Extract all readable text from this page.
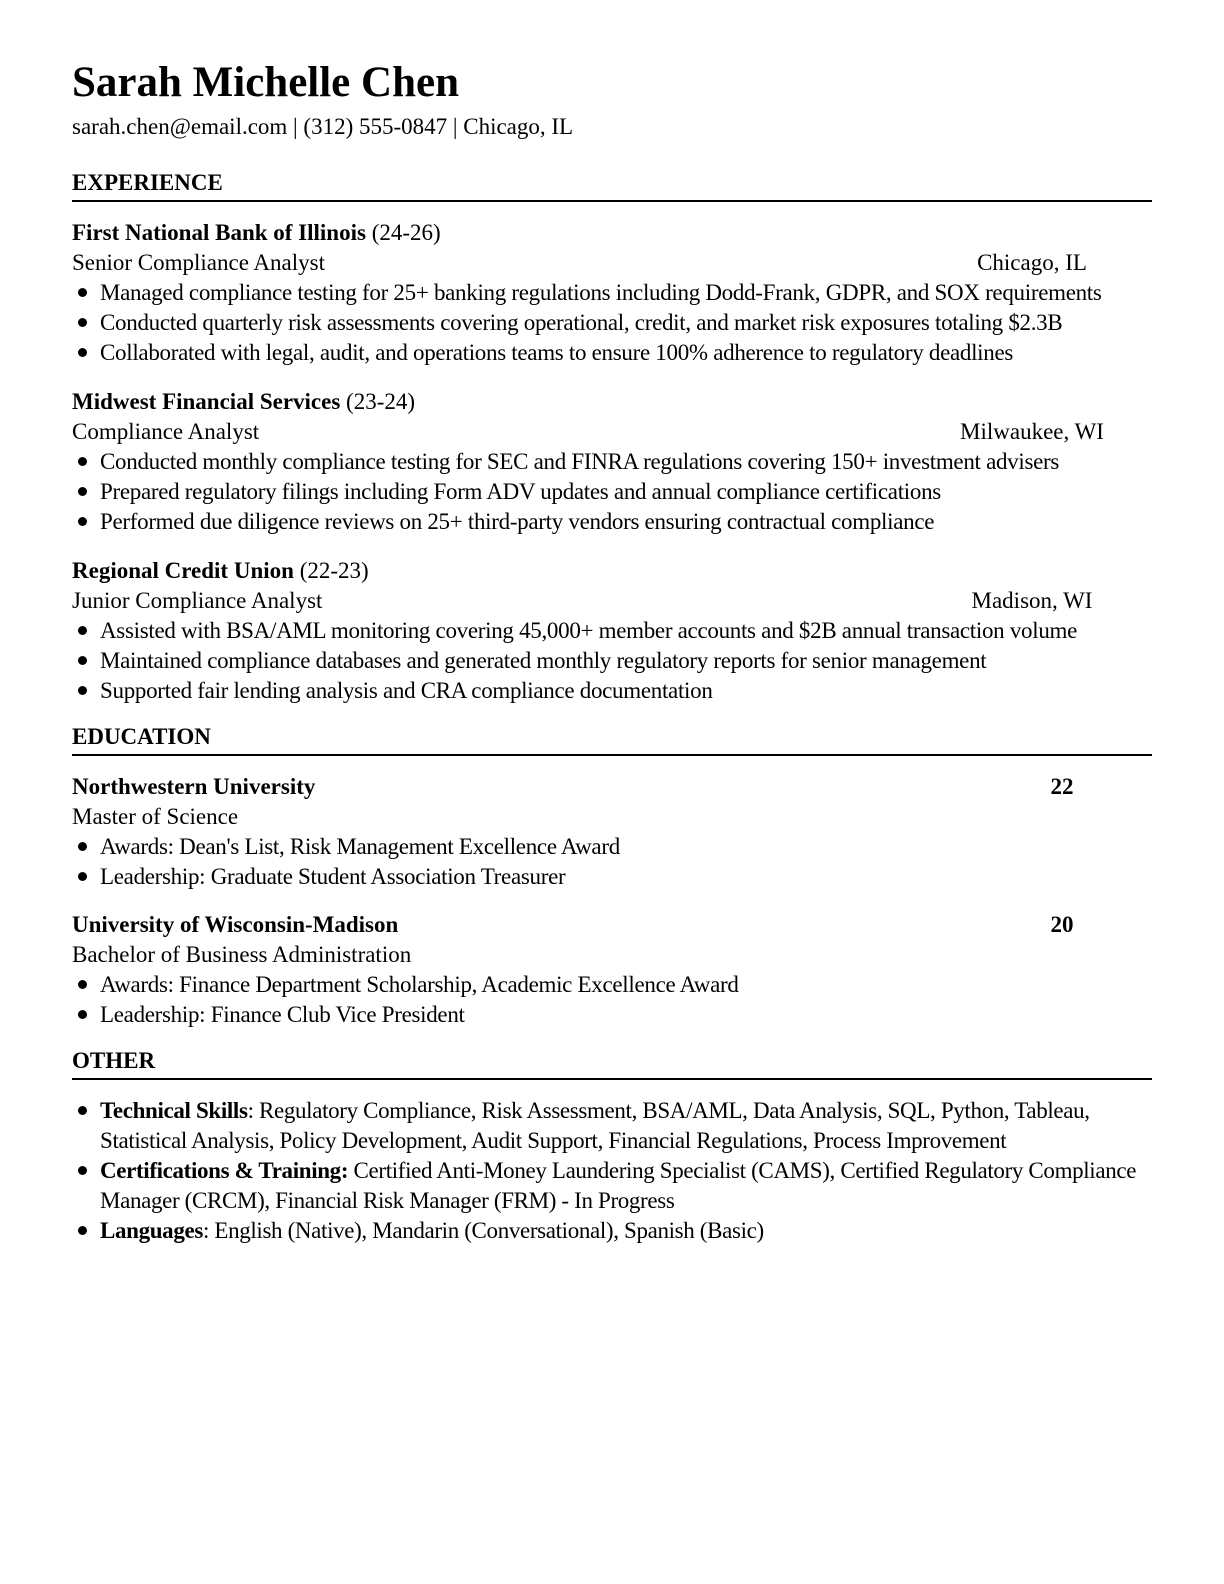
Sarah Michelle Chen
sarah.chen@email.com | (312) 555-0847 | Chicago, IL
EXPERIENCE
First National Bank of Illinois (24-26)
Senior Compliance Analyst	Chicago, IL
Managed compliance testing for 25+ banking regulations including Dodd-Frank, GDPR, and SOX requirements
Conducted quarterly risk assessments covering operational, credit, and market risk exposures totaling $2.3B
Collaborated with legal, audit, and operations teams to ensure 100% adherence to regulatory deadlines
Midwest Financial Services (23-24)
Compliance Analyst	Milwaukee, WI
Conducted monthly compliance testing for SEC and FINRA regulations covering 150+ investment advisers
Prepared regulatory filings including Form ADV updates and annual compliance certifications
Performed due diligence reviews on 25+ third-party vendors ensuring contractual compliance
Regional Credit Union (22-23)
Junior Compliance Analyst	Madison, WI
Assisted with BSA/AML monitoring covering 45,000+ member accounts and $2B annual transaction volume
Maintained compliance databases and generated monthly regulatory reports for senior management
Supported fair lending analysis and CRA compliance documentation
EDUCATION
Northwestern University	22
Master of Science
Awards: Dean's List, Risk Management Excellence Award
Leadership: Graduate Student Association Treasurer
University of Wisconsin-Madison	20
Bachelor of Business Administration
Awards: Finance Department Scholarship, Academic Excellence Award
Leadership: Finance Club Vice President
OTHER
Technical Skills: Regulatory Compliance, Risk Assessment, BSA/AML, Data Analysis, SQL, Python, Tableau, Statistical Analysis, Policy Development, Audit Support, Financial Regulations, Process Improvement
Certifications & Training: Certified Anti-Money Laundering Specialist (CAMS), Certified Regulatory Compliance Manager (CRCM), Financial Risk Manager (FRM) - In Progress
Languages: English (Native), Mandarin (Conversational), Spanish (Basic)
